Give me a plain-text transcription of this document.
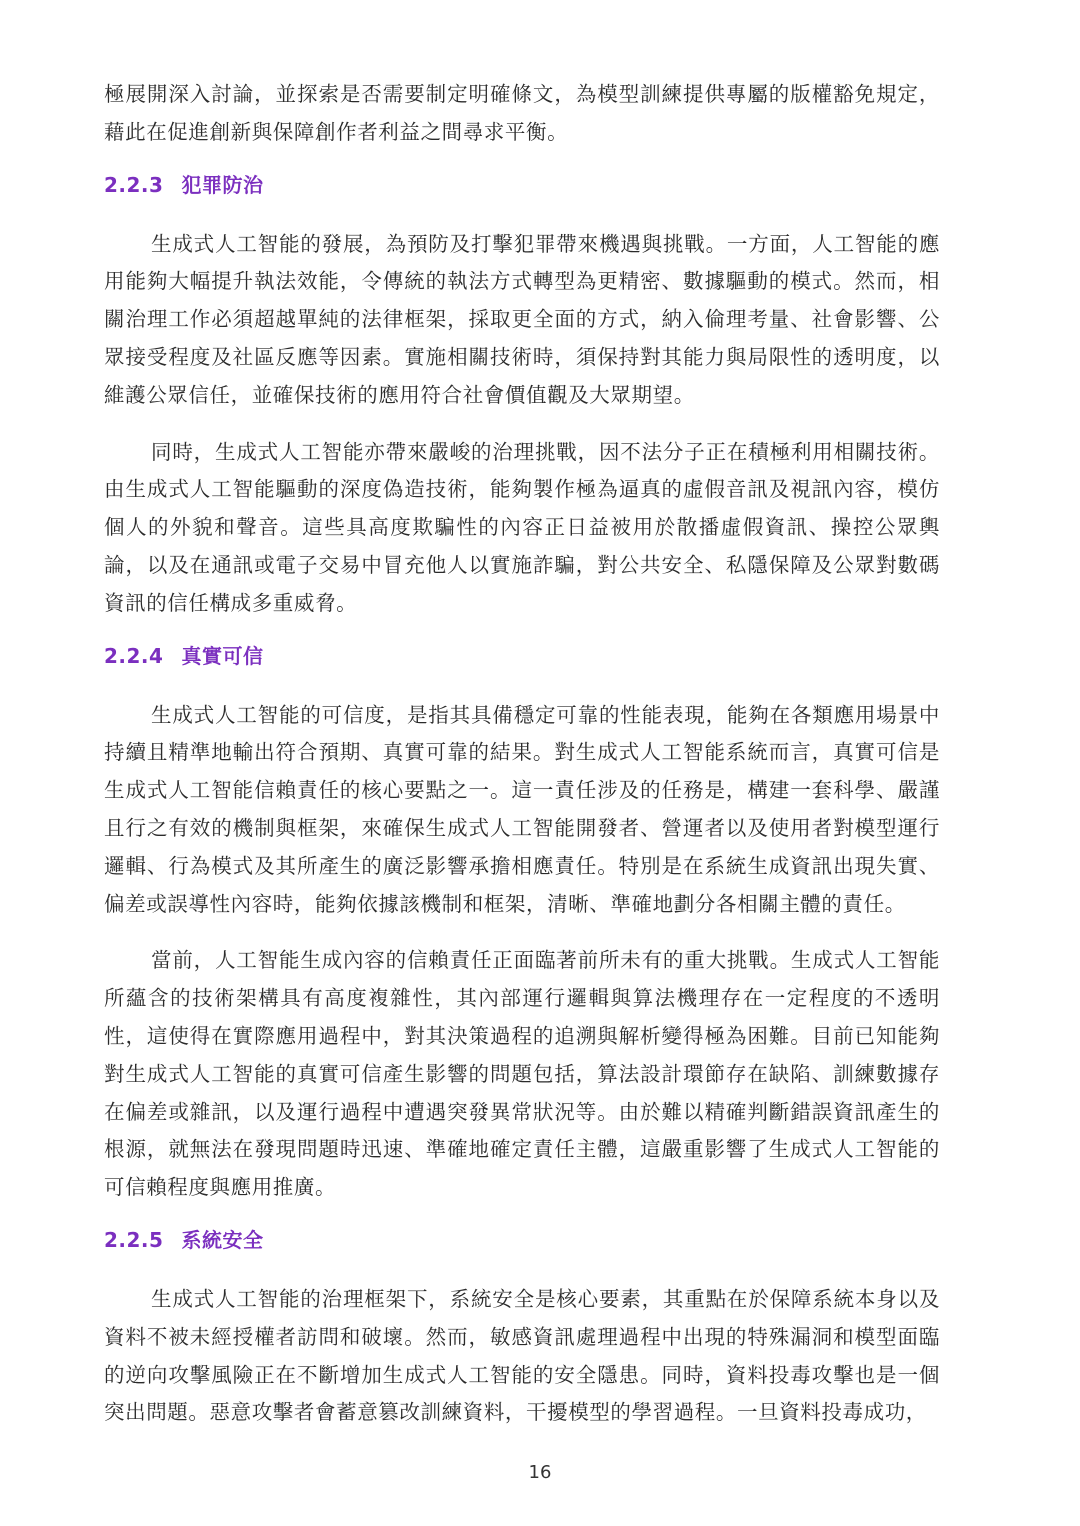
極展開深入討論，並探索是否需要制定明確條文，為模型訓練提供專屬的版權豁免規定，藉此在促進創新與保障創作者利益之間尋求平衡。

2.2.3 犯罪防治

生成式人工智能的發展，為預防及打擊犯罪帶來機遇與挑戰。一方面，人工智能的應用能夠大幅提升執法效能，令傳統的執法方式轉型為更精密、數據驅動的模式。然而，相關治理工作必須超越單純的法律框架，採取更全面的方式，納入倫理考量、社會影響、公眾接受程度及社區反應等因素。實施相關技術時，須保持對其能力與局限性的透明度，以維護公眾信任，並確保技術的應用符合社會價值觀及大眾期望。

同時，生成式人工智能亦帶來嚴峻的治理挑戰，因不法分子正在積極利用相關技術。由生成式人工智能驅動的深度偽造技術，能夠製作極為逼真的虛假音訊及視訊內容，模仿個人的外貌和聲音。這些具高度欺騙性的內容正日益被用於散播虛假資訊、操控公眾輿論，以及在通訊或電子交易中冒充他人以實施詐騙，對公共安全、私隱保障及公眾對數碼資訊的信任構成多重威脅。

2.2.4 真實可信

生成式人工智能的可信度，是指其具備穩定可靠的性能表現，能夠在各類應用場景中持續且精準地輸出符合預期、真實可靠的結果。對生成式人工智能系統而言，真實可信是生成式人工智能信賴責任的核心要點之一。這一責任涉及的任務是，構建一套科學、嚴謹且行之有效的機制與框架，來確保生成式人工智能開發者、營運者以及使用者對模型運行邏輯、行為模式及其所產生的廣泛影響承擔相應責任。特別是在系統生成資訊出現失實、偏差或誤導性內容時，能夠依據該機制和框架，清晰、準確地劃分各相關主體的責任。

當前，人工智能生成內容的信賴責任正面臨著前所未有的重大挑戰。生成式人工智能所蘊含的技術架構具有高度複雜性，其內部運行邏輯與算法機理存在一定程度的不透明性，這使得在實際應用過程中，對其決策過程的追溯與解析變得極為困難。目前已知能夠對生成式人工智能的真實可信產生影響的問題包括，算法設計環節存在缺陷、訓練數據存在偏差或雜訊，以及運行過程中遭遇突發異常狀況等。由於難以精確判斷錯誤資訊產生的根源，就無法在發現問題時迅速、準確地確定責任主體，這嚴重影響了生成式人工智能的可信賴程度與應用推廣。

2.2.5 系統安全

生成式人工智能的治理框架下，系統安全是核心要素，其重點在於保障系統本身以及資料不被未經授權者訪問和破壞。然而，敏感資訊處理過程中出現的特殊漏洞和模型面臨的逆向攻擊風險正在不斷增加生成式人工智能的安全隱患。同時，資料投毒攻擊也是一個突出問題。惡意攻擊者會蓄意篡改訓練資料，干擾模型的學習過程。一旦資料投毒成功，

16
